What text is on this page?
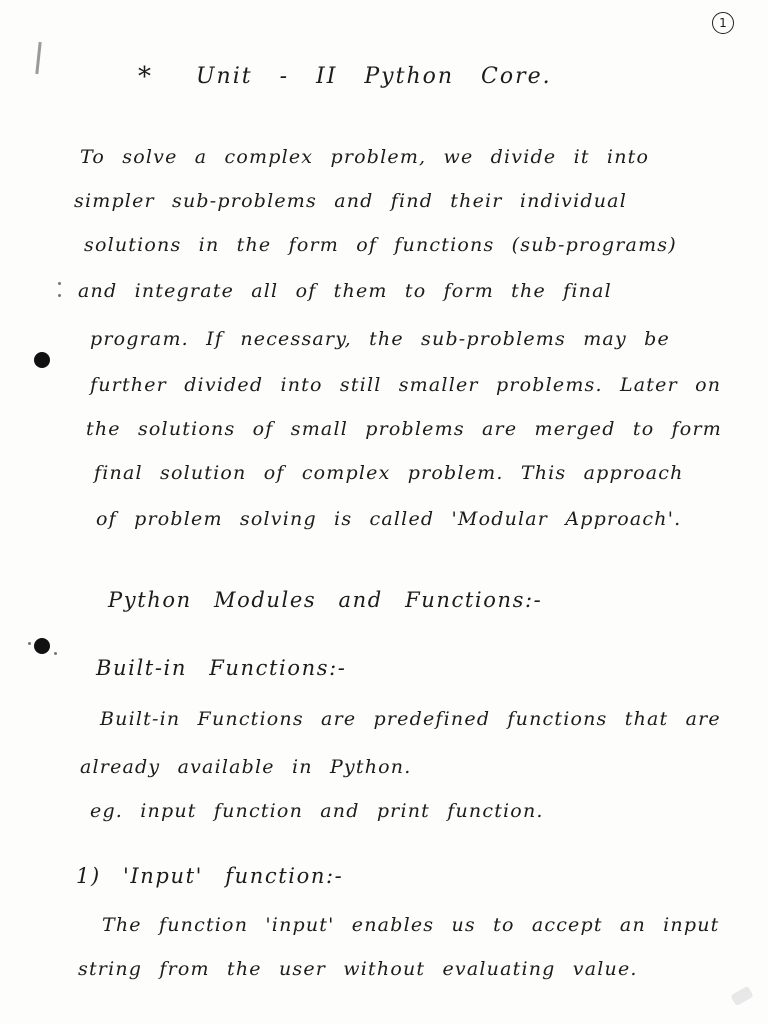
1
* Unit - II Python Core.
To solve a complex problem, we divide it into
simpler sub-problems and find their individual
solutions in the form of functions (sub-programs)
and integrate all of them to form the final
program. If necessary, the sub-problems may be
further divided into still smaller problems. Later on
the solutions of small problems are merged to form
final solution of complex problem. This approach
of problem solving is called 'Modular Approach'.
Python Modules and Functions:-
Built-in Functions:-
Built-in Functions are predefined functions that are
already available in Python.
eg. input function and print function.
1) 'Input' function:-
The function 'input' enables us to accept an input
string from the user without evaluating value.
